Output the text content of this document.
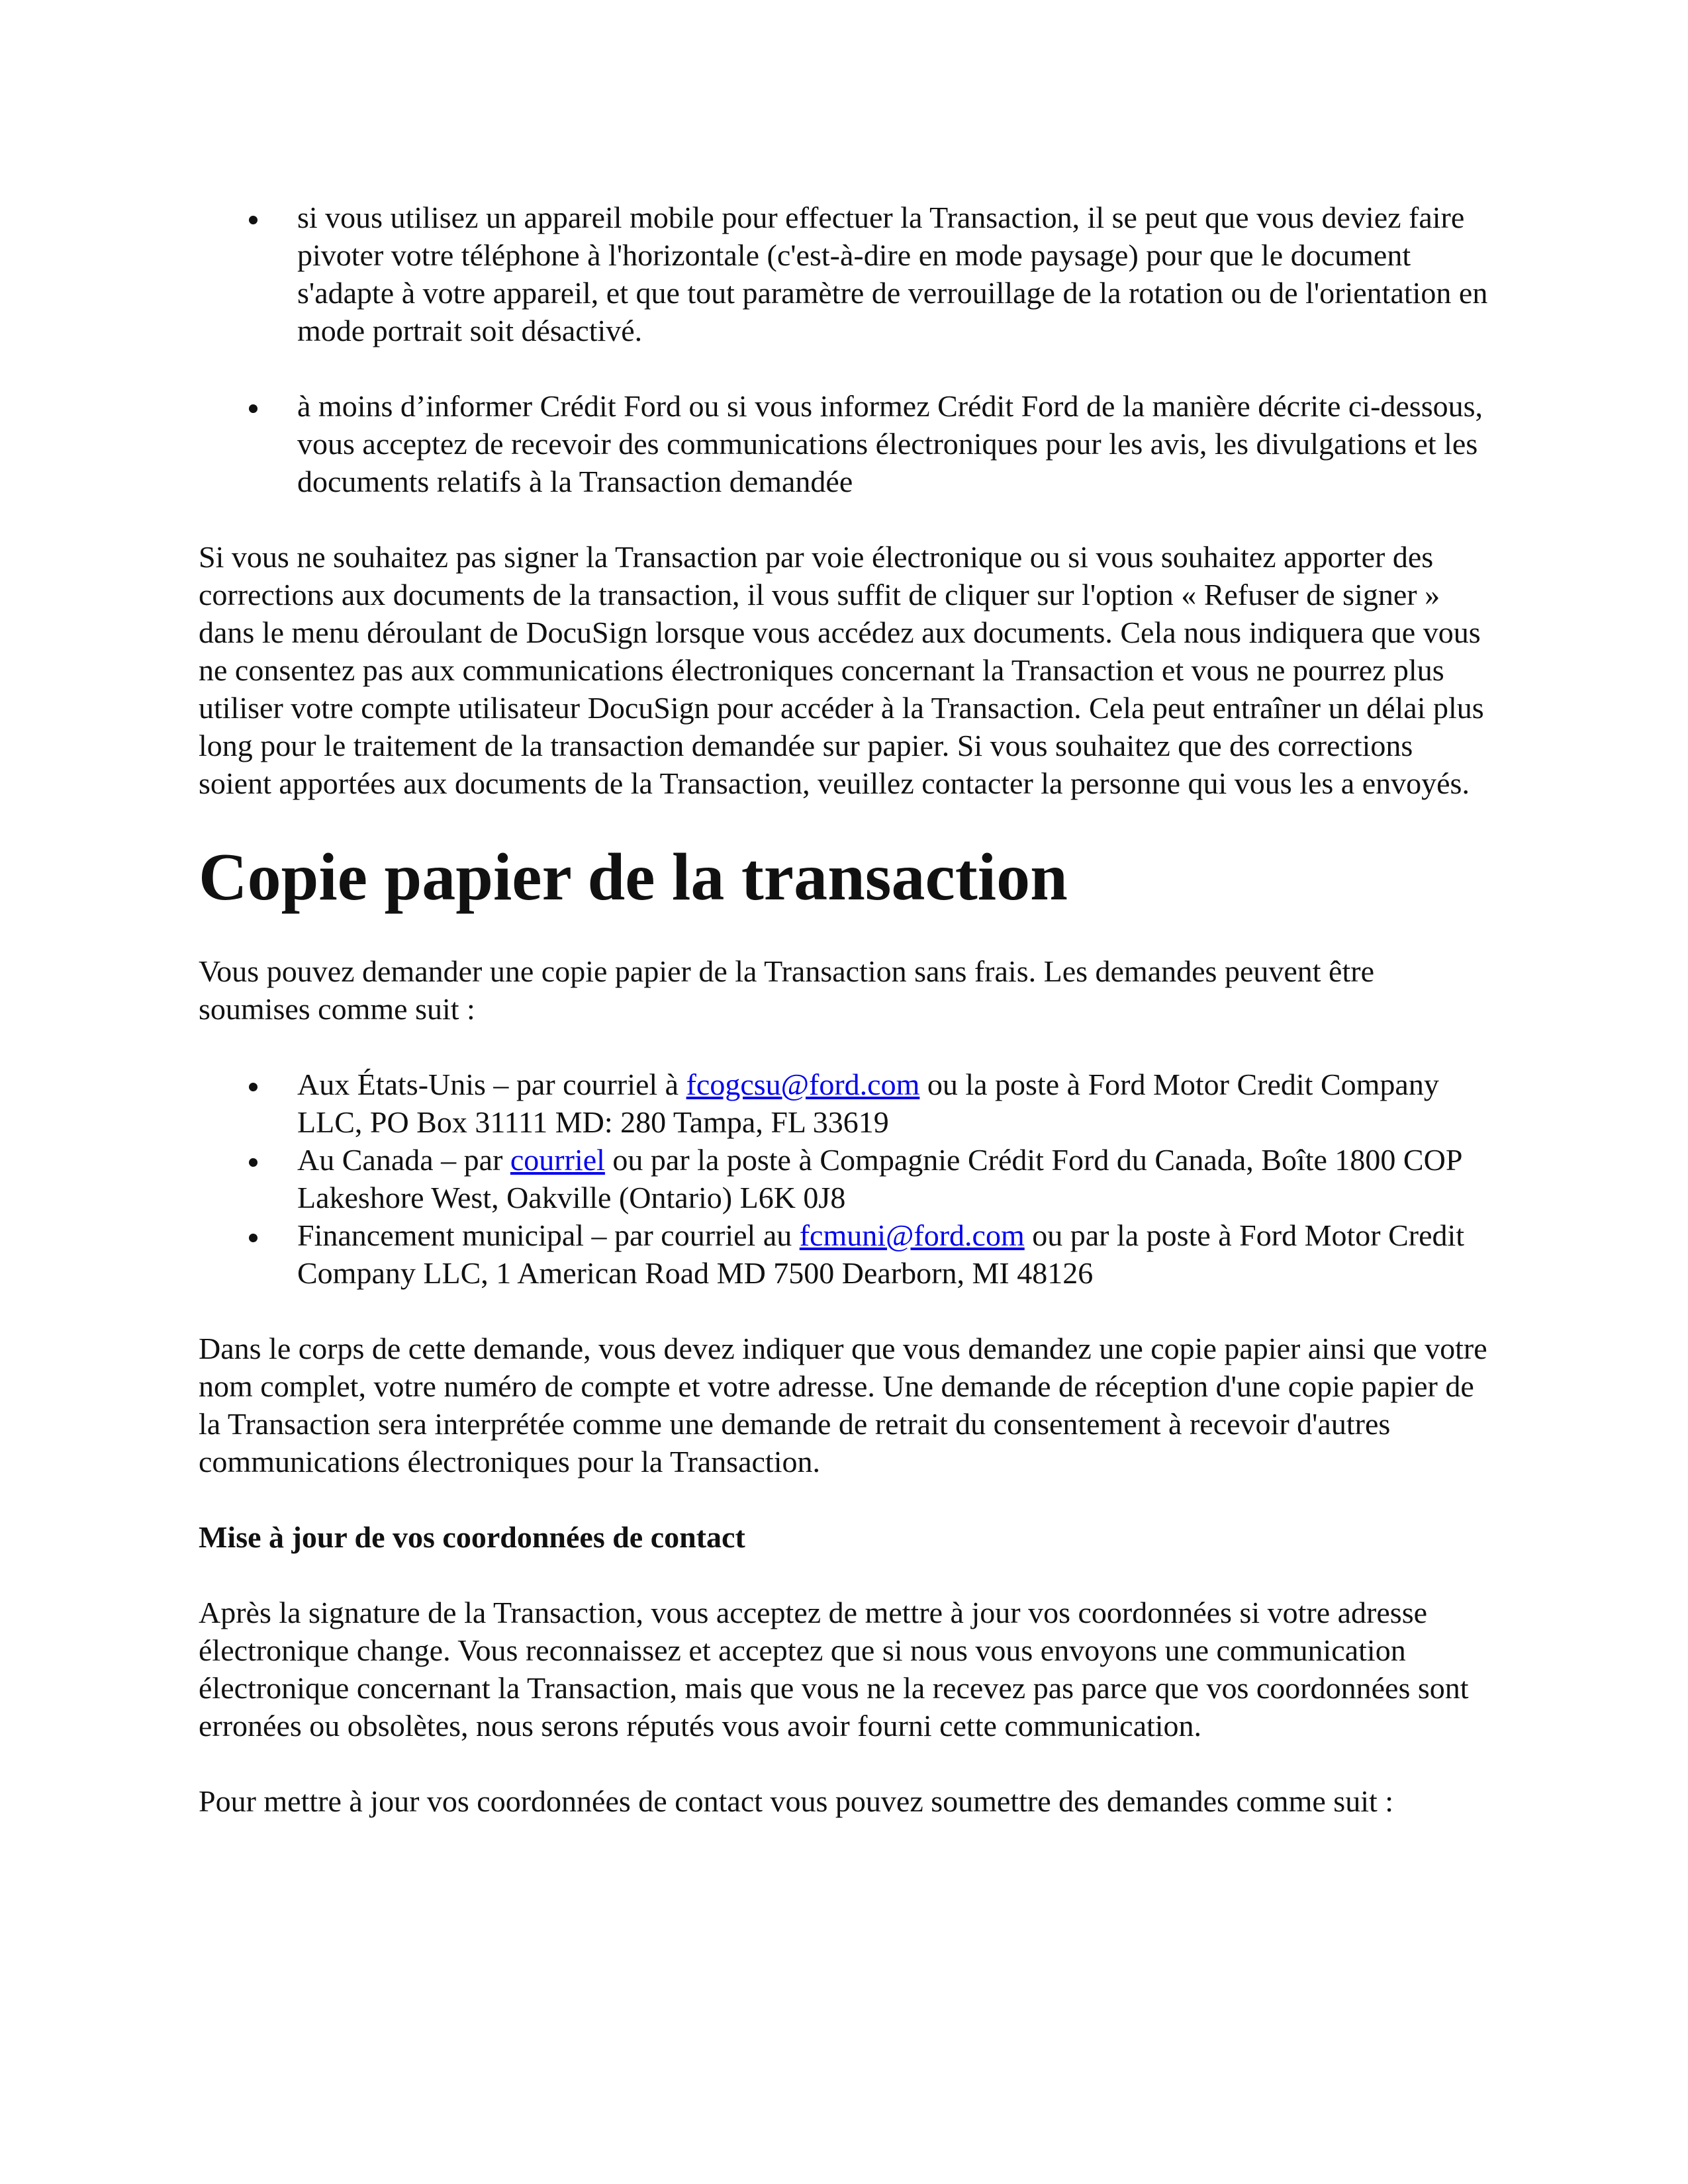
si vous utilisez un appareil mobile pour effectuer la Transaction, il se peut que vous deviez faire pivoter votre téléphone à l'horizontale (c'est-à-dire en mode paysage) pour que le document s'adapte à votre appareil, et que tout paramètre de verrouillage de la rotation ou de l'orientation en mode portrait soit désactivé.
à moins d’informer Crédit Ford ou si vous informez Crédit Ford de la manière décrite ci-dessous, vous acceptez de recevoir des communications électroniques pour les avis, les divulgations et les documents relatifs à la Transaction demandée

Si vous ne souhaitez pas signer la Transaction par voie électronique ou si vous souhaitez apporter des corrections aux documents de la transaction, il vous suffit de cliquer sur l'option « Refuser de signer » dans le menu déroulant de DocuSign lorsque vous accédez aux documents. Cela nous indiquera que vous ne consentez pas aux communications électroniques concernant la Transaction et vous ne pourrez plus utiliser votre compte utilisateur DocuSign pour accéder à la Transaction. Cela peut entraîner un délai plus long pour le traitement de la transaction demandée sur papier. Si vous souhaitez que des corrections soient apportées aux documents de la Transaction, veuillez contacter la personne qui vous les a envoyés.

Copie papier de la transaction

Vous pouvez demander une copie papier de la Transaction sans frais. Les demandes peuvent être soumises comme suit :

Aux États-Unis – par courriel à fcogcsu@ford.com ou la poste à Ford Motor Credit Company LLC, PO Box 31111 MD: 280 Tampa, FL 33619
Au Canada – par courriel ou par la poste à Compagnie Crédit Ford du Canada, Boîte 1800 COP Lakeshore West, Oakville (Ontario) L6K 0J8
Financement municipal – par courriel au fcmuni@ford.com ou par la poste à Ford Motor Credit Company LLC, 1 American Road MD 7500 Dearborn, MI 48126

Dans le corps de cette demande, vous devez indiquer que vous demandez une copie papier ainsi que votre nom complet, votre numéro de compte et votre adresse. Une demande de réception d'une copie papier de la Transaction sera interprétée comme une demande de retrait du consentement à recevoir d'autres communications électroniques pour la Transaction.

Mise à jour de vos coordonnées de contact

Après la signature de la Transaction, vous acceptez de mettre à jour vos coordonnées si votre adresse électronique change. Vous reconnaissez et acceptez que si nous vous envoyons une communication électronique concernant la Transaction, mais que vous ne la recevez pas parce que vos coordonnées sont erronées ou obsolètes, nous serons réputés vous avoir fourni cette communication.

Pour mettre à jour vos coordonnées de contact vous pouvez soumettre des demandes comme suit :
